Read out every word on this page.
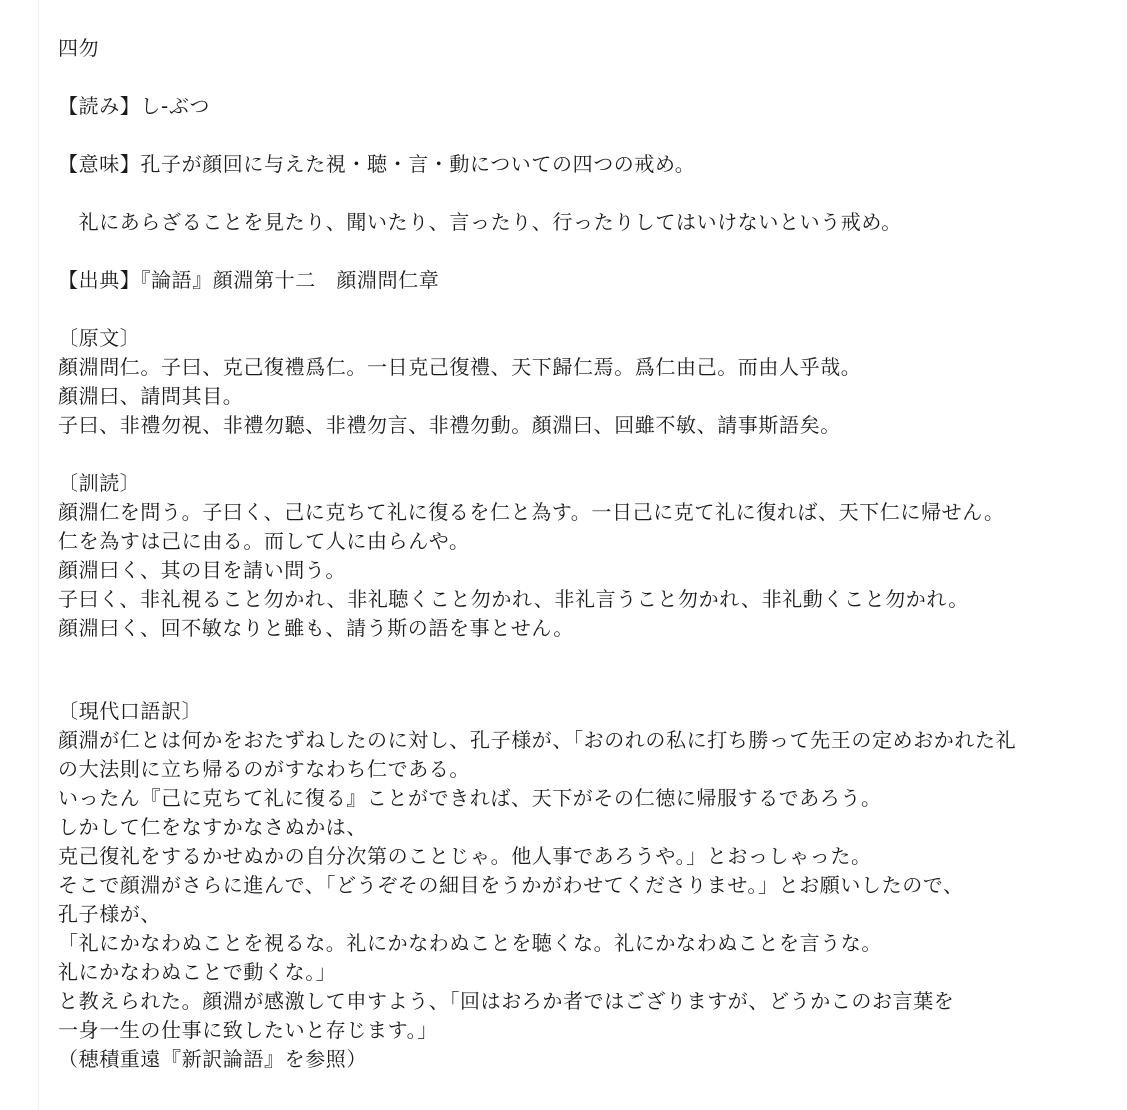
四勿
【読み】し-ぶつ
【意味】孔子が顔回に与えた視・聴・言・動についての四つの戒め。
　礼にあらざることを見たり、聞いたり、言ったり、行ったりしてはいけないという戒め。
【出典】『論語』顔淵第十二　顔淵問仁章
〔原文〕
顏淵問仁。子曰、克己復禮爲仁。一日克己復禮、天下歸仁焉。爲仁由己。而由人乎哉。
顏淵曰、請問其目。
子曰、非禮勿視、非禮勿聽、非禮勿言、非禮勿動。顏淵曰、回雖不敏、請事斯語矣。
〔訓読〕
顔淵仁を問う。子曰く、己に克ちて礼に復るを仁と為す。一日己に克て礼に復れば、天下仁に帰せん。
仁を為すは己に由る。而して人に由らんや。
顔淵曰く、其の目を請い問う。
子曰く、非礼視ること勿かれ、非礼聴くこと勿かれ、非礼言うこと勿かれ、非礼動くこと勿かれ。
顔淵曰く、回不敏なりと雖も、請う斯の語を事とせん。
〔現代口語訳〕
顔淵が仁とは何かをおたずねしたのに対し、孔子様が、「おのれの私に打ち勝って先王の定めおかれた礼
の大法則に立ち帰るのがすなわち仁である。
いったん『己に克ちて礼に復る』ことができれば、天下がその仁徳に帰服するであろう。
しかして仁をなすかなさぬかは、
克己復礼をするかせぬかの自分次第のことじゃ。他人事であろうや。」とおっしゃった。
そこで顔淵がさらに進んで、「どうぞその細目をうかがわせてくださりませ。」とお願いしたので、
孔子様が、
「礼にかなわぬことを視るな。礼にかなわぬことを聴くな。礼にかなわぬことを言うな。
礼にかなわぬことで動くな。」
と教えられた。顔淵が感激して申すよう、「回はおろか者ではござりますが、どうかこのお言葉を
一身一生の仕事に致したいと存じます。」
（穂積重遠『新訳論語』を参照）
